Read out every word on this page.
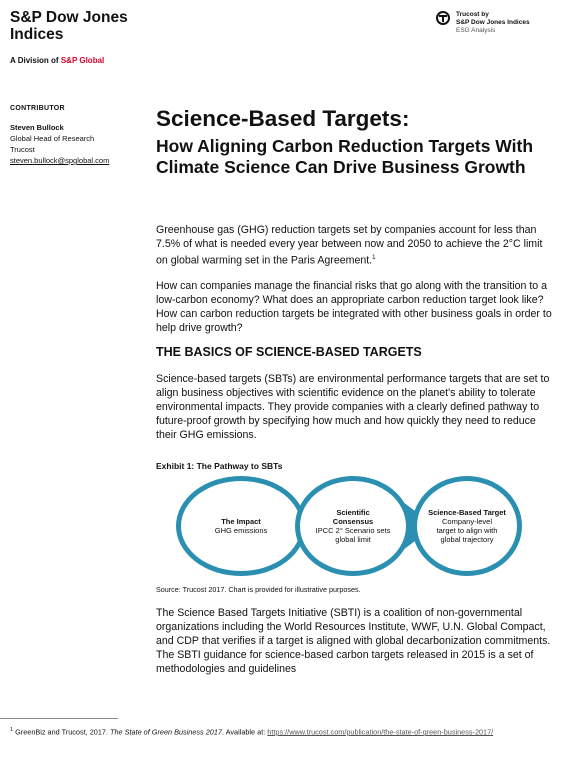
S&P Dow Jones
Indices
A Division of S&P Global
Trucost by
S&P Dow Jones Indices
ESG Analysis
CONTRIBUTOR
Steven Bullock
Global Head of Research
Trucost
steven.bullock@spglobal.com
Science-Based Targets:
How Aligning Carbon Reduction Targets With Climate Science Can Drive Business Growth
Greenhouse gas (GHG) reduction targets set by companies account for less than 7.5% of what is needed every year between now and 2050 to achieve the 2°C limit on global warming set in the Paris Agreement.$^1$
How can companies manage the financial risks that go along with the transition to a low-carbon economy? What does an appropriate carbon reduction target look like? How can carbon reduction targets be integrated with other business goals in order to help drive growth?
THE BASICS OF SCIENCE-BASED TARGETS
Science-based targets (SBTs) are environmental performance targets that are set to align business objectives with scientific evidence on the planet's ability to tolerate environmental impacts. They provide companies with a clearly defined pathway to future-proof growth by specifying how much and how quickly they need to reduce their GHG emissions.
Exhibit 1: The Pathway to SBTs
The Impact
GHG emissions
Scientific Consensus
IPCC 2° Scenario sets global limit
Science-Based Target
Company-level target to align with global trajectory
Source: Trucost 2017. Chart is provided for illustrative purposes.
The Science Based Targets Initiative (SBTI) is a coalition of non-governmental organizations including the World Resources Institute, WWF, U.N. Global Compact, and CDP that verifies if a target is aligned with global decarbonization commitments. The SBTI guidance for science-based carbon targets released in 2015 is a set of methodologies and guidelines
$^1$ GreenBiz and Trucost, 2017. The State of Green Business 2017. Available at: https://www.trucost.com/publication/the-state-of-green-business-2017/
